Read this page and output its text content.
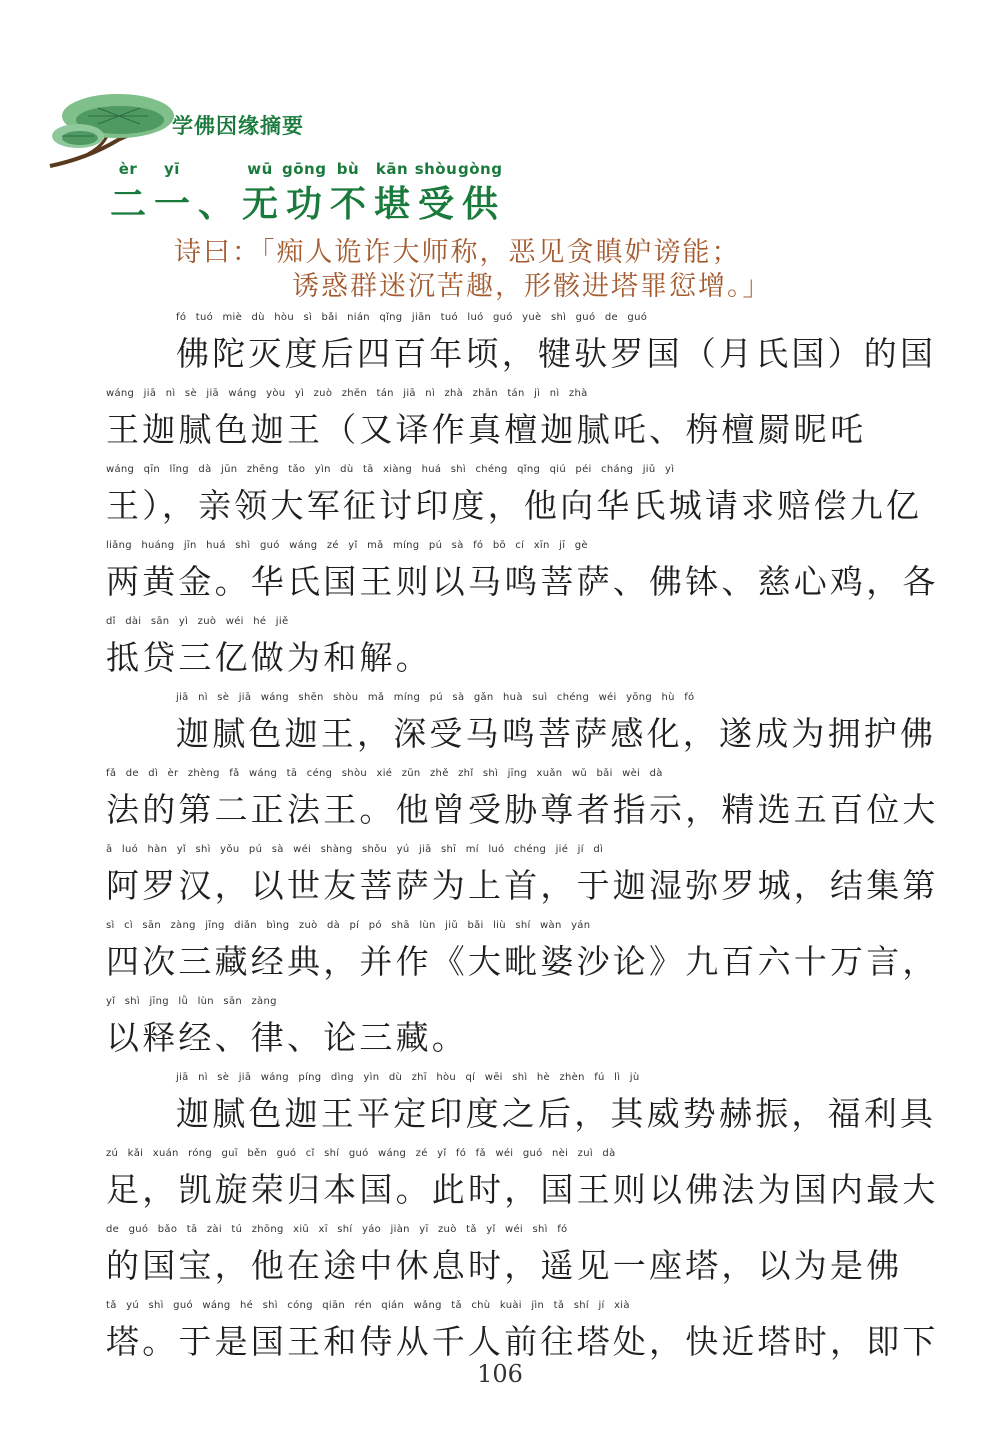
学佛因缘摘要
èr	yī	wū gōng bù	kān shòu gòng
二 一 、 无 功 不 堪 受 供
诗曰：「痴人诡诈大师称，恶见贪瞋妒谤能；
诱惑群迷沉苦趣，形骸进塔罪愆增。」
fó tuó miè dù hòu sì bǎi nián qǐng jiān tuó luó guó yuè shì guó de guó
佛陀灭度后四百年顷，犍驮罗国（月氏国）的国
wáng jiā nì sè jiā wáng yòu yì zuò zhēn tán jiā nì zhà zhān tán jì nì zhà
王迦腻色迦王（又译作真檀迦腻吒、栴檀罽昵吒
wáng qīn lǐng dà jūn zhēng tǎo yìn dù tā xiàng huá shì chéng qǐng qiú péi cháng jiǔ yì
王），亲领大军征讨印度，他向华氏城请求赔偿九亿
liǎng huáng jīn huá shì guó wáng zé yǐ mǎ míng pú sà fó bō cí xīn jī gè
两黄金。华氏国王则以马鸣菩萨、佛钵、慈心鸡，各
dǐ dài sān yì zuò wéi hé jiě
抵贷三亿做为和解。
jiā nì sè jiā wáng shēn shòu mǎ míng pú sà gǎn huà suì chéng wéi yōng hù fó
迦腻色迦王，深受马鸣菩萨感化，遂成为拥护佛
fǎ de dì èr zhèng fǎ wáng tā céng shòu xié zūn zhě zhǐ shì jīng xuǎn wǔ bǎi wèi dà
法的第二正法王。他曾受胁尊者指示，精选五百位大
ā luó hàn yǐ shì yǒu pú sà wéi shàng shǒu yú jiā shī mí luó chéng jié jí dì
阿罗汉，以世友菩萨为上首，于迦湿弥罗城，结集第
sì cì sān zàng jīng diǎn bìng zuò dà pí pó shā lùn jiǔ bǎi liù shí wàn yán
四次三藏经典，并作《大毗婆沙论》九百六十万言，
yǐ shì jīng lǜ lùn sān zàng
以释经、律、论三藏。
jiā nì sè jiā wáng píng dìng yìn dù zhī hòu qí wēi shì hè zhèn fú lì jù
迦腻色迦王平定印度之后，其威势赫振，福利具
zú kǎi xuán róng guī běn guó cǐ shí guó wáng zé yǐ fó fǎ wéi guó nèi zuì dà
足，凯旋荣归本国。此时，国王则以佛法为国内最大
de guó bǎo tā zài tú zhōng xiū xī shí yáo jiàn yī zuò tǎ yǐ wéi shì fó
的国宝，他在途中休息时，遥见一座塔，以为是佛
tǎ yú shì guó wáng hé shì cóng qiān rén qián wǎng tǎ chù kuài jìn tǎ shí jí xià
塔。于是国王和侍从千人前往塔处，快近塔时，即下
106
